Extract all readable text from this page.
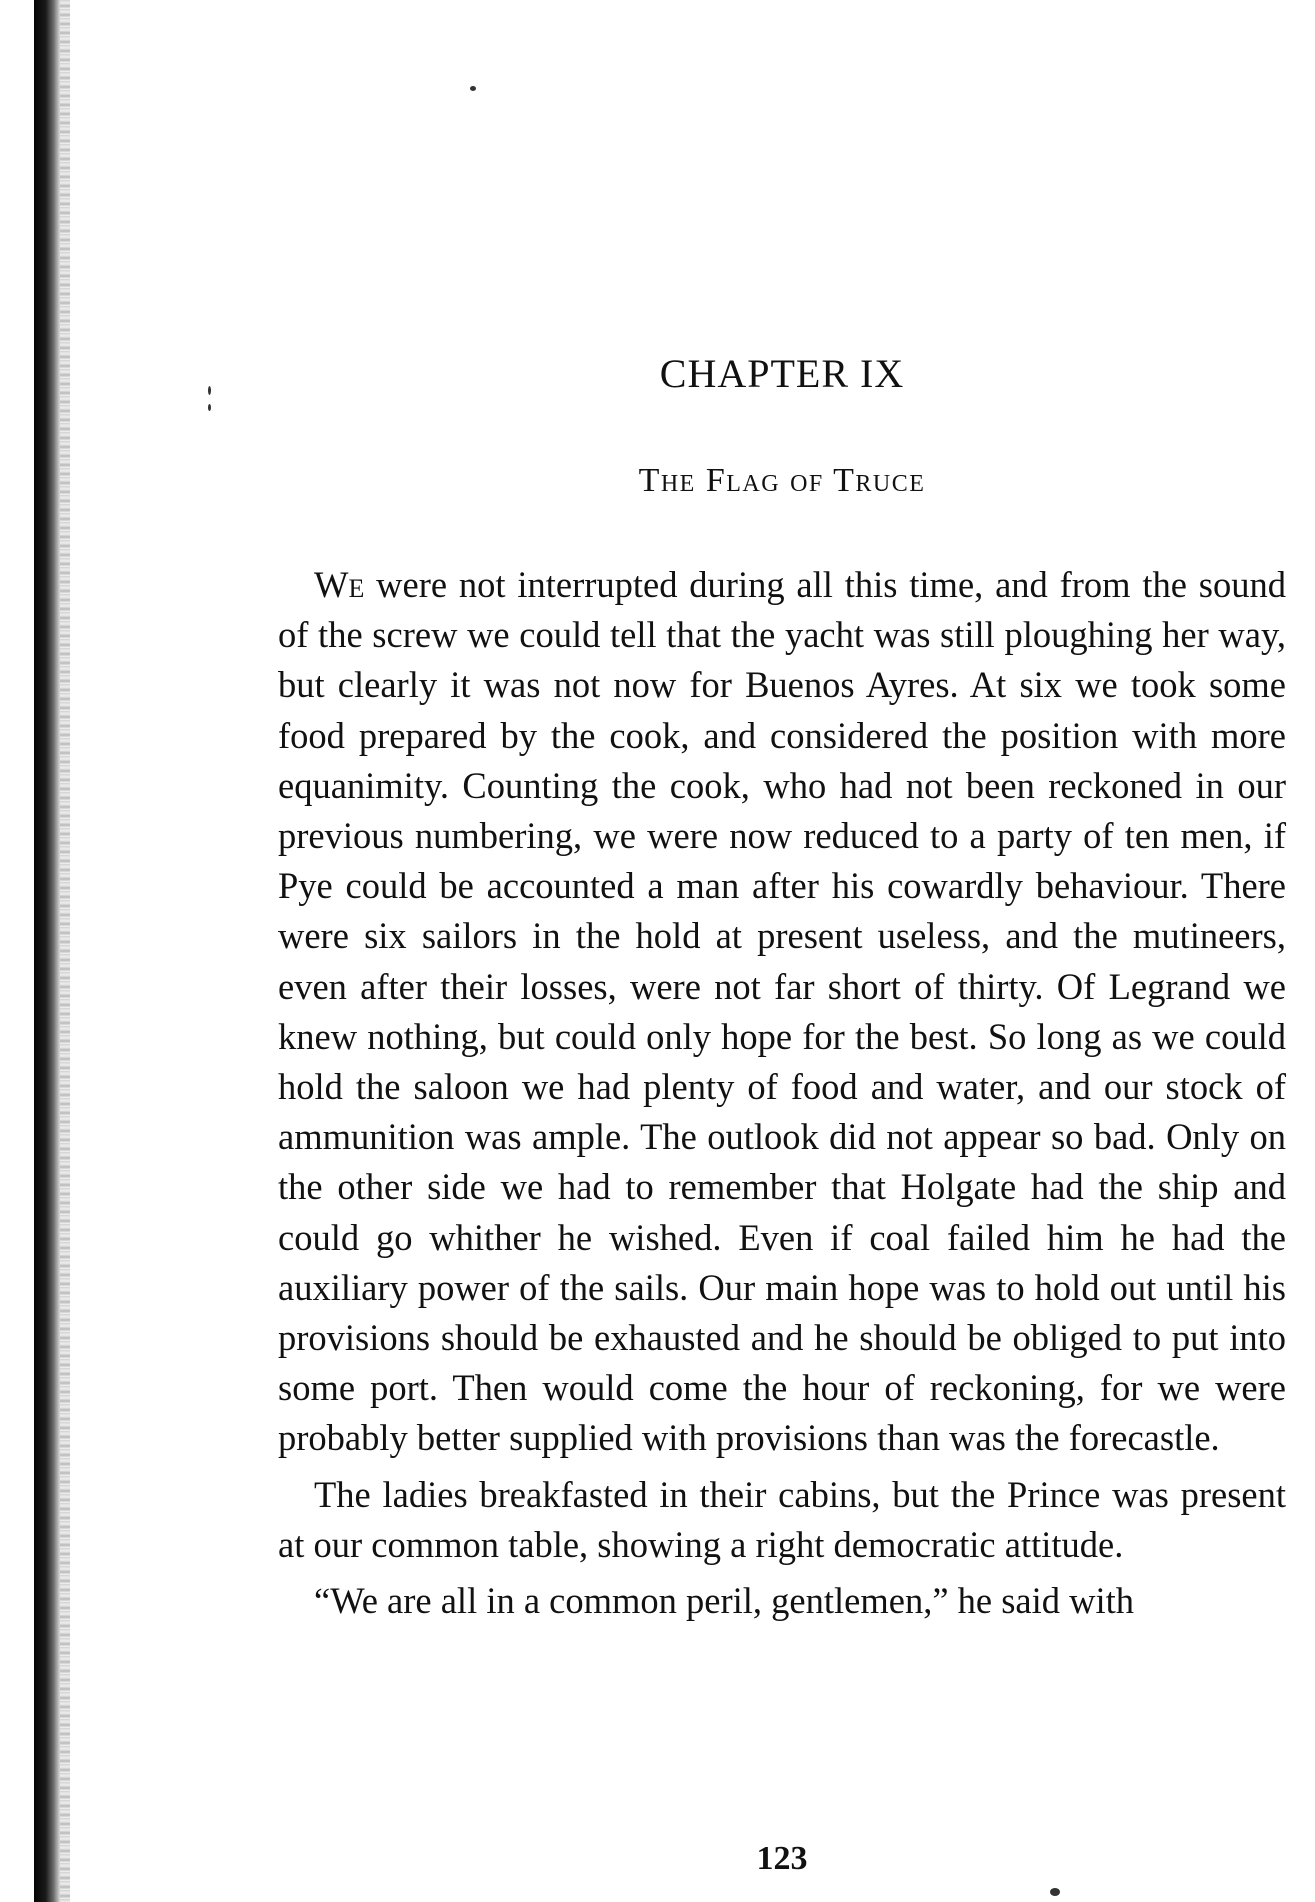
CHAPTER IX
The Flag of Truce

We were not interrupted during all this time, and from the sound of the screw we could tell that the yacht was still ploughing her way, but clearly it was not now for Buenos Ayres. At six we took some food prepared by the cook, and considered the position with more equanimity. Counting the cook, who had not been reckoned in our previous numbering, we were now reduced to a party of ten men, if Pye could be accounted a man after his cowardly behaviour. There were six sailors in the hold at present useless, and the mutineers, even after their losses, were not far short of thirty. Of Legrand we knew nothing, but could only hope for the best. So long as we could hold the saloon we had plenty of food and water, and our stock of ammunition was ample. The outlook did not appear so bad. Only on the other side we had to remember that Holgate had the ship and could go whither he wished. Even if coal failed him he had the auxiliary power of the sails. Our main hope was to hold out until his provisions should be exhausted and he should be obliged to put into some port. Then would come the hour of reckoning, for we were probably better supplied with provisions than was the forecastle.

The ladies breakfasted in their cabins, but the Prince was present at our common table, showing a right democratic attitude.

“We are all in a common peril, gentlemen,” he said with

123
